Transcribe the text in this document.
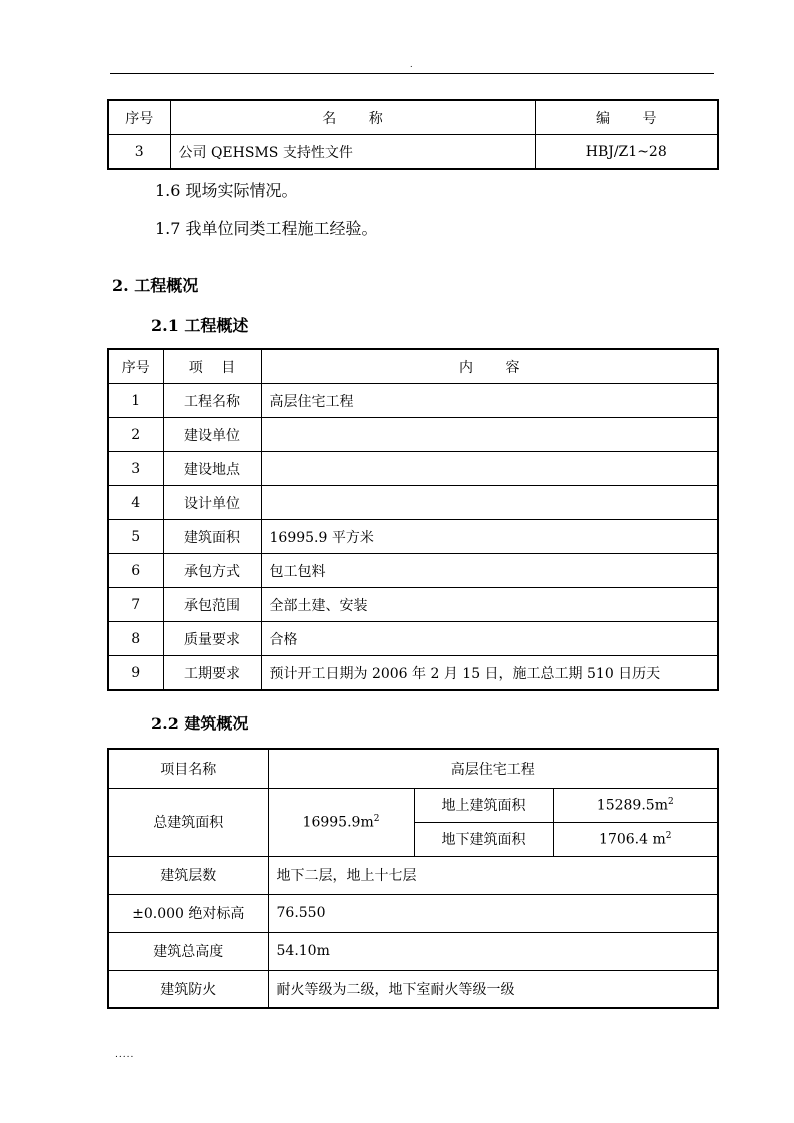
.
序号	名 称	编 号
3	公司 QEHSMS 支持性文件	HBJ/Z1~28
1.6 现场实际情况。
1.7 我单位同类工程施工经验。
2. 工程概况
2.1 工程概述
序号	项 目	内 容
1	工程名称	高层住宅工程
2	建设单位	
3	建设地点	
4	设计单位	
5	建筑面积	16995.9 平方米
6	承包方式	包工包料
7	承包范围	全部土建、安装
8	质量要求	合格
9	工期要求	预计开工日期为 2006 年 2 月 15 日，施工总工期 510 日历天
2.2 建筑概况
项目名称	高层住宅工程		
总建筑面积	$16995.9m^2$	地上建筑面积	$15289.5m^2$
		地下建筑面积	1706.4 $m^2$
建筑层数	地下二层，地上十七层		
±0.000 绝对标高	76.550		
建筑总高度	54.10m		
建筑防火	耐火等级为二级，地下室耐火等级一级		
.....
